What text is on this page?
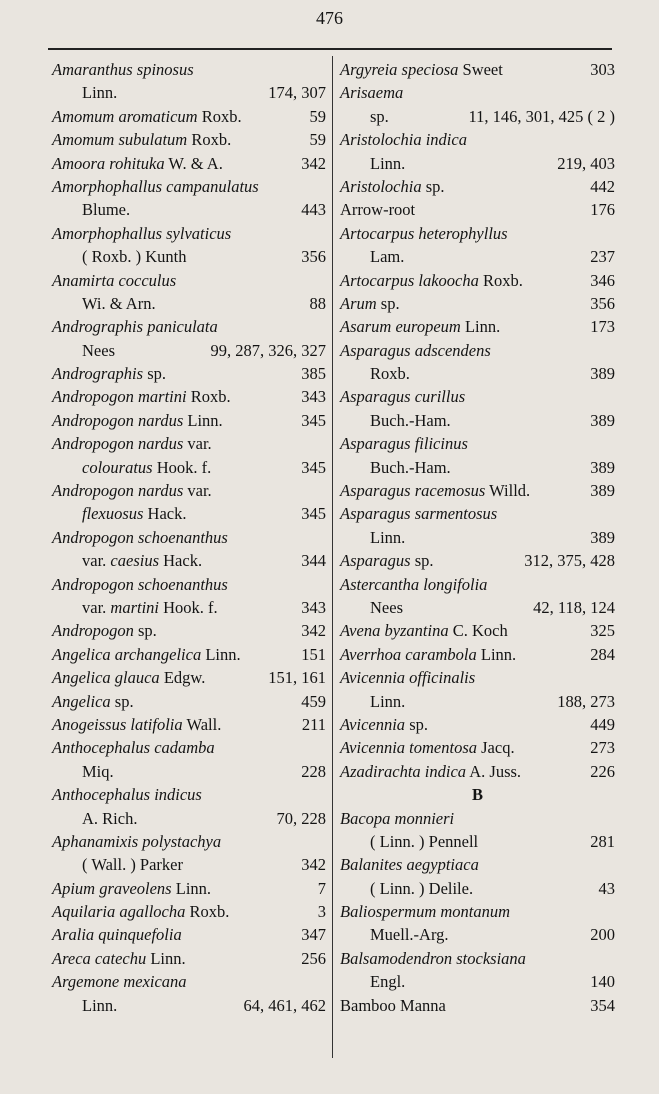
476
Amaranthus spinosus
Linn.	174, 307
Amomum aromaticum Roxb.	59
Amomum subulatum Roxb.	59
Amoora rohituka W. & A.	342
Amorphophallus campanulatus
Blume.	443
Amorphophallus sylvaticus
( Roxb. ) Kunth	356
Anamirta cocculus
Wi. & Arn.	88
Andrographis paniculata
Nees	99, 287, 326, 327
Andrographis sp.	385
Andropogon martini Roxb.	343
Andropogon nardus Linn.	345
Andropogon nardus var.
colouratus Hook. f.	345
Andropogon nardus var.
flexuosus Hack.	345
Andropogon schoenanthus
var. caesius Hack.	344
Andropogon schoenanthus
var. martini Hook. f.	343
Andropogon sp.	342
Angelica archangelica Linn.	151
Angelica glauca Edgw.	151, 161
Angelica sp.	459
Anogeissus latifolia Wall.	211
Anthocephalus cadamba
Miq.	228
Anthocephalus indicus
A. Rich.	70, 228
Aphanamixis polystachya
( Wall. ) Parker	342
Apium graveolens Linn.	7
Aquilaria agallocha Roxb.	3
Aralia quinquefolia	347
Areca catechu Linn.	256
Argemone mexicana
Linn.	64, 461, 462
Argyreia speciosa Sweet	303
Arisaema
sp.	11, 146, 301, 425 ( 2 )
Aristolochia indica
Linn.	219, 403
Aristolochia sp.	442
Arrow-root	176
Artocarpus heterophyllus
Lam.	237
Artocarpus lakoocha Roxb.	346
Arum sp.	356
Asarum europeum Linn.	173
Asparagus adscendens
Roxb.	389
Asparagus curillus
Buch.-Ham.	389
Asparagus filicinus
Buch.-Ham.	389
Asparagus racemosus Willd.	389
Asparagus sarmentosus
Linn.	389
Asparagus sp.	312, 375, 428
Astercantha longifolia
Nees	42, 118, 124
Avena byzantina C. Koch	325
Averrhoa carambola Linn.	284
Avicennia officinalis
Linn.	188, 273
Avicennia sp.	449
Avicennia tomentosa Jacq.	273
Azadirachta indica A. Juss.	226
B
Bacopa monnieri
( Linn. ) Pennell	281
Balanites aegyptiaca
( Linn. ) Delile.	43
Baliospermum montanum
Muell.-Arg.	200
Balsamodendron stocksiana
Engl.	140
Bamboo Manna	354
